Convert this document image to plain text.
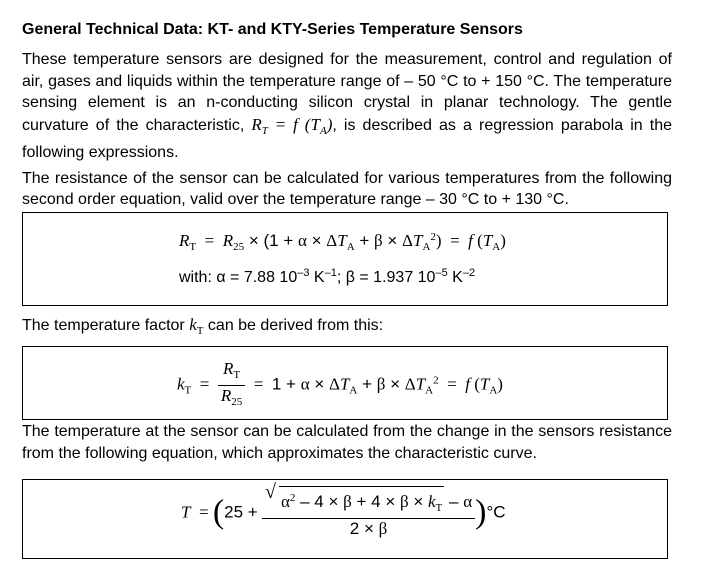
General Technical Data: KT- and KTY-Series Temperature Sensors

These temperature sensors are designed for the measurement, control and regulation of air, gases and liquids within the temperature range of – 50 °C to + 150 °C. The temperature sensing element is an n-conducting silicon crystal in planar technology. The gentle curvature of the characteristic, $R_T = f$ $(T_A)$, is described as a regression parabola in the following expressions.

The resistance of the sensor can be calculated for various temperatures from the following second order equation, valid over the temperature range – 30 °C to + 130 °C.

$R_T = R_{25} \times (1 + \alpha \times \Delta T_A + \beta \times \Delta T_A^2) = f$ $(T_A)$
with: α = 7.88 $10^{-3}$ $K^{-1}$; β = 1.937 $10^{-5}$ $K^{-2}$
The temperature factor $k_T$ can be derived from this:
$k_T = \frac{R_T}{R_{25}} = 1 + \alpha \times \Delta T_A + \beta \times \Delta T_A^2 = f$ $(T_A)$
The temperature at the sensor can be calculated from the change in the sensors resistance from the following equation, which approximates the characteristic curve.
$T = (25 + \frac{√ \alpha^2 - 4 \times \beta + 4 \times \beta \times k_T - \alpha}{2 \times \beta} )^\circ C$
